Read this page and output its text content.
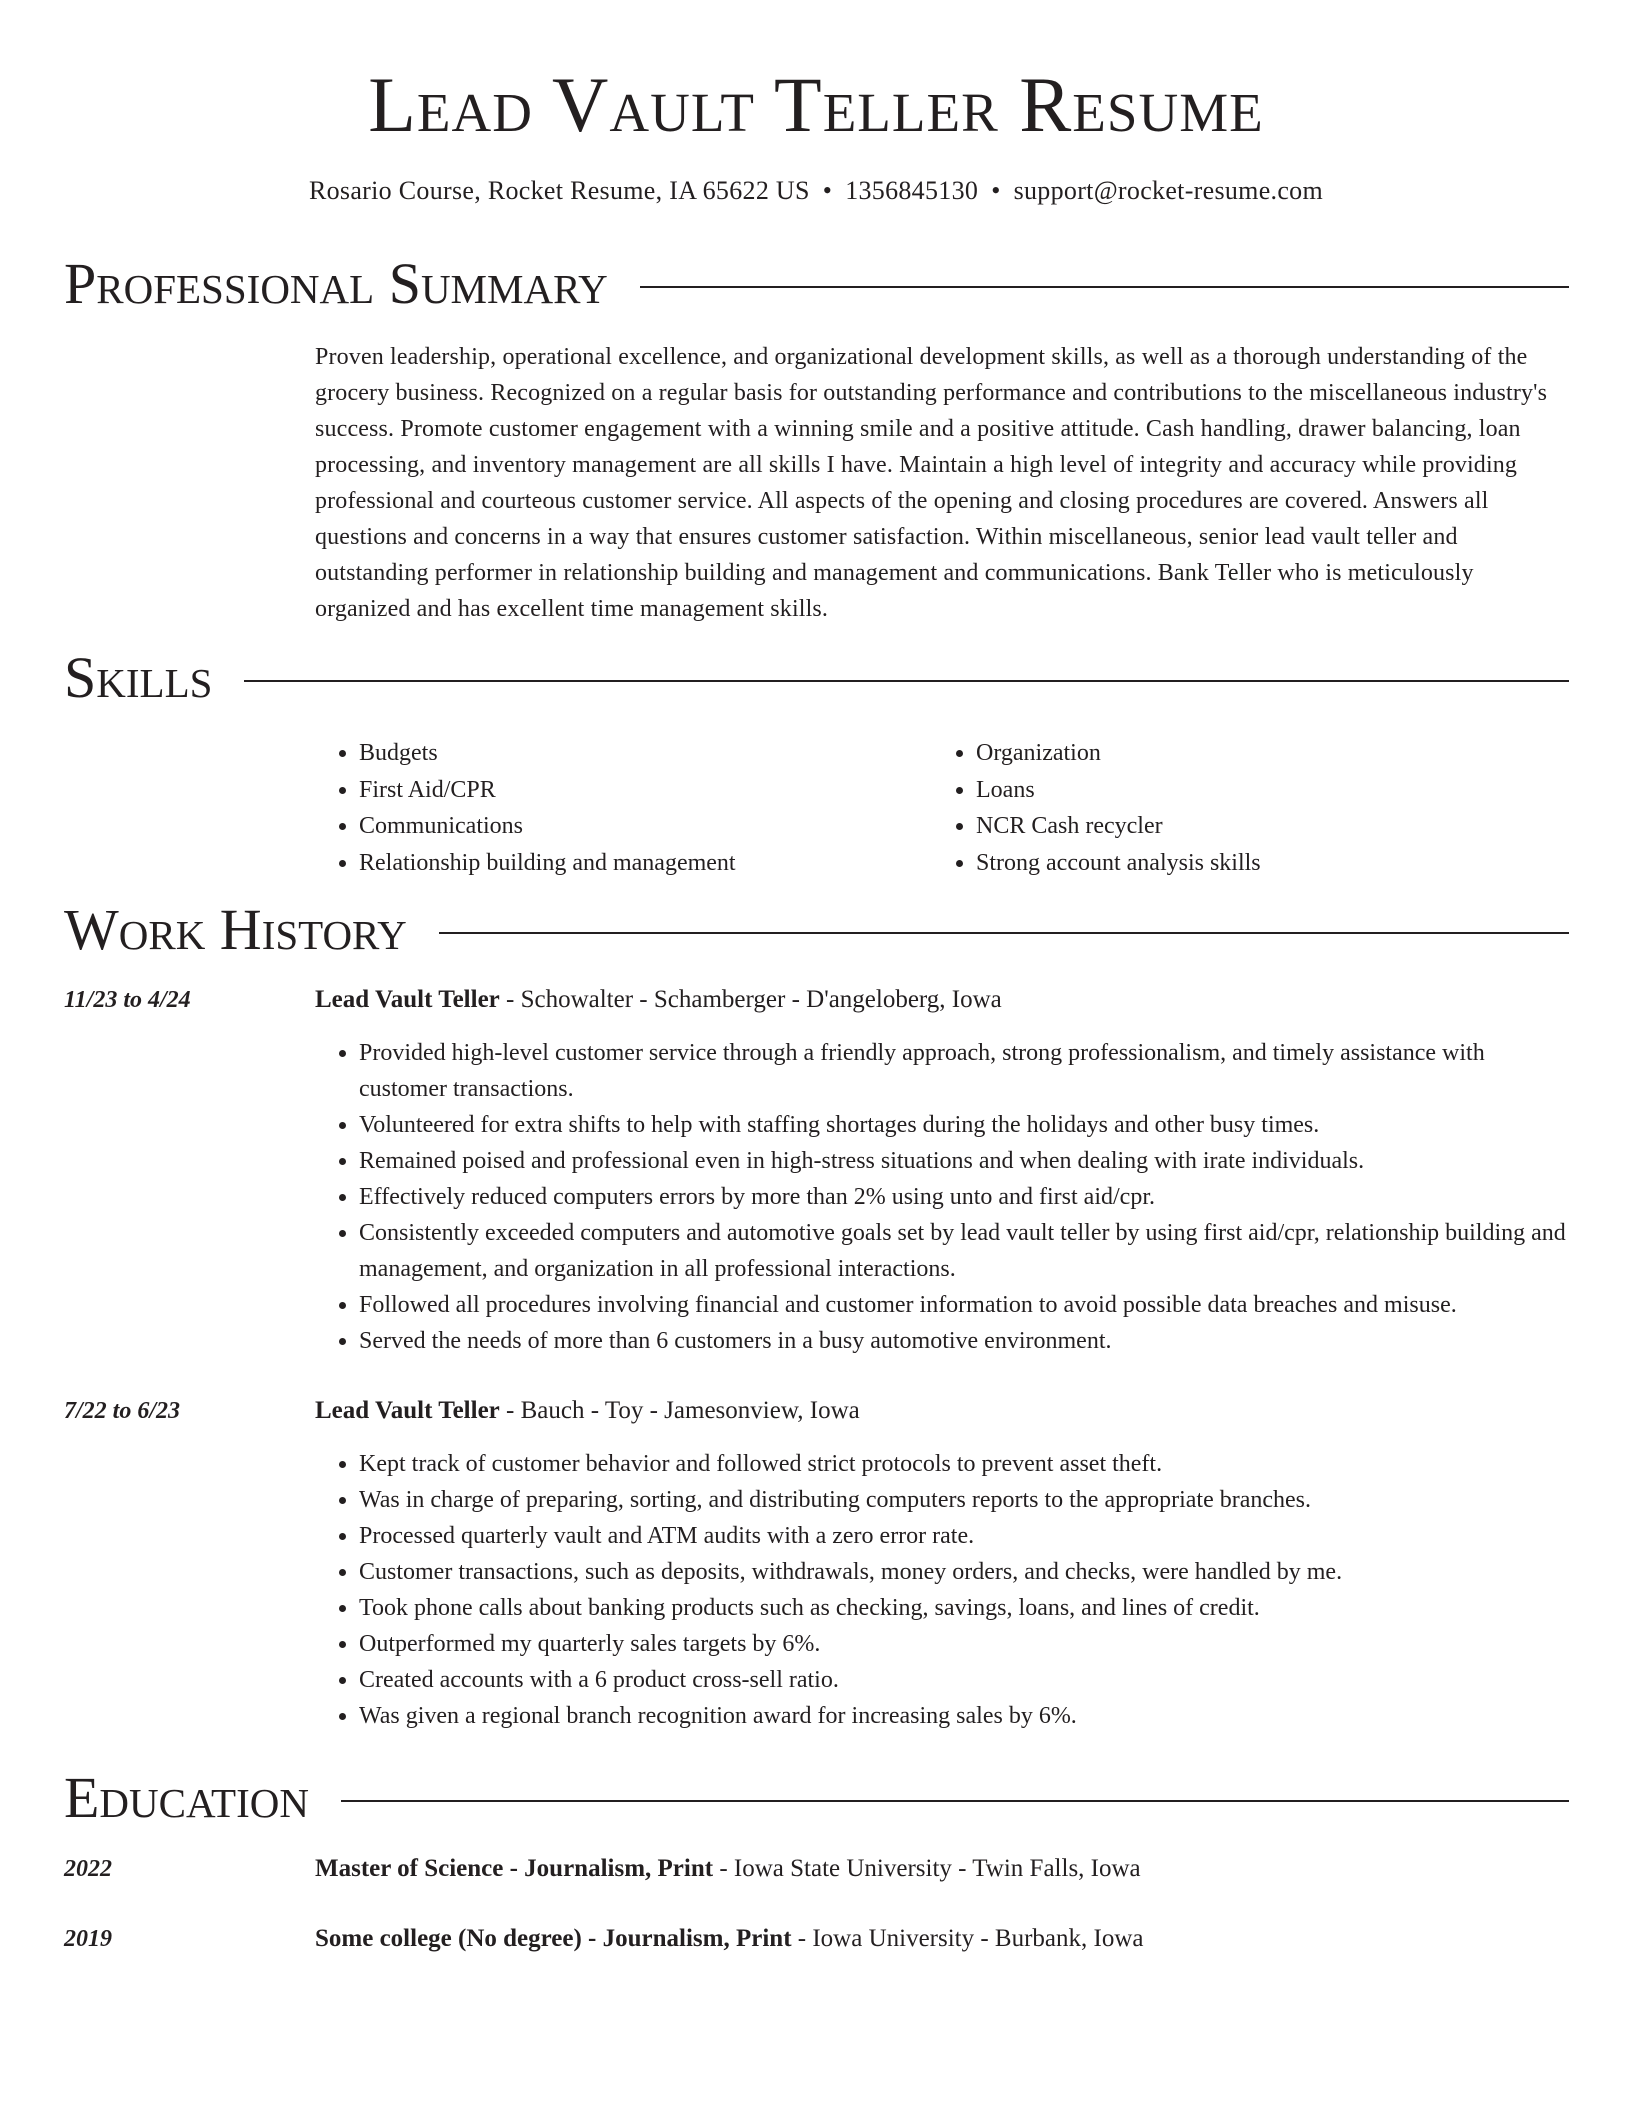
Lead Vault Teller Resume
Rosario Course, Rocket Resume, IA 65622 US • 1356845130 • support@rocket-resume.com
Professional Summary

Proven leadership, operational excellence, and organizational development skills, as well as a thorough understanding of the grocery business. Recognized on a regular basis for outstanding performance and contributions to the miscellaneous industry's success. Promote customer engagement with a winning smile and a positive attitude. Cash handling, drawer balancing, loan processing, and inventory management are all skills I have. Maintain a high level of integrity and accuracy while providing professional and courteous customer service. All aspects of the opening and closing procedures are covered. Answers all questions and concerns in a way that ensures customer satisfaction. Within miscellaneous, senior lead vault teller and outstanding performer in relationship building and management and communications. Bank Teller who is meticulously organized and has excellent time management skills.

Skills
• Budgets
• First Aid/CPR
• Communications
• Relationship building and management
• Organization
• Loans
• NCR Cash recycler
• Strong account analysis skills
Work History
11/23 to 4/24	Lead Vault Teller - Schowalter - Schamberger - D'angeloberg, Iowa
• Provided high-level customer service through a friendly approach, strong professionalism, and timely assistance with customer transactions.
• Volunteered for extra shifts to help with staffing shortages during the holidays and other busy times.
• Remained poised and professional even in high-stress situations and when dealing with irate individuals.
• Effectively reduced computers errors by more than 2% using unto and first aid/cpr.
• Consistently exceeded computers and automotive goals set by lead vault teller by using first aid/cpr, relationship building and management, and organization in all professional interactions.
• Followed all procedures involving financial and customer information to avoid possible data breaches and misuse.
• Served the needs of more than 6 customers in a busy automotive environment.
7/22 to 6/23	Lead Vault Teller - Bauch - Toy - Jamesonview, Iowa
• Kept track of customer behavior and followed strict protocols to prevent asset theft.
• Was in charge of preparing, sorting, and distributing computers reports to the appropriate branches.
• Processed quarterly vault and ATM audits with a zero error rate.
• Customer transactions, such as deposits, withdrawals, money orders, and checks, were handled by me.
• Took phone calls about banking products such as checking, savings, loans, and lines of credit.
• Outperformed my quarterly sales targets by 6%.
• Created accounts with a 6 product cross-sell ratio.
• Was given a regional branch recognition award for increasing sales by 6%.
Education
2022	Master of Science - Journalism, Print - Iowa State University - Twin Falls, Iowa
2019	Some college (No degree) - Journalism, Print - Iowa University - Burbank, Iowa
